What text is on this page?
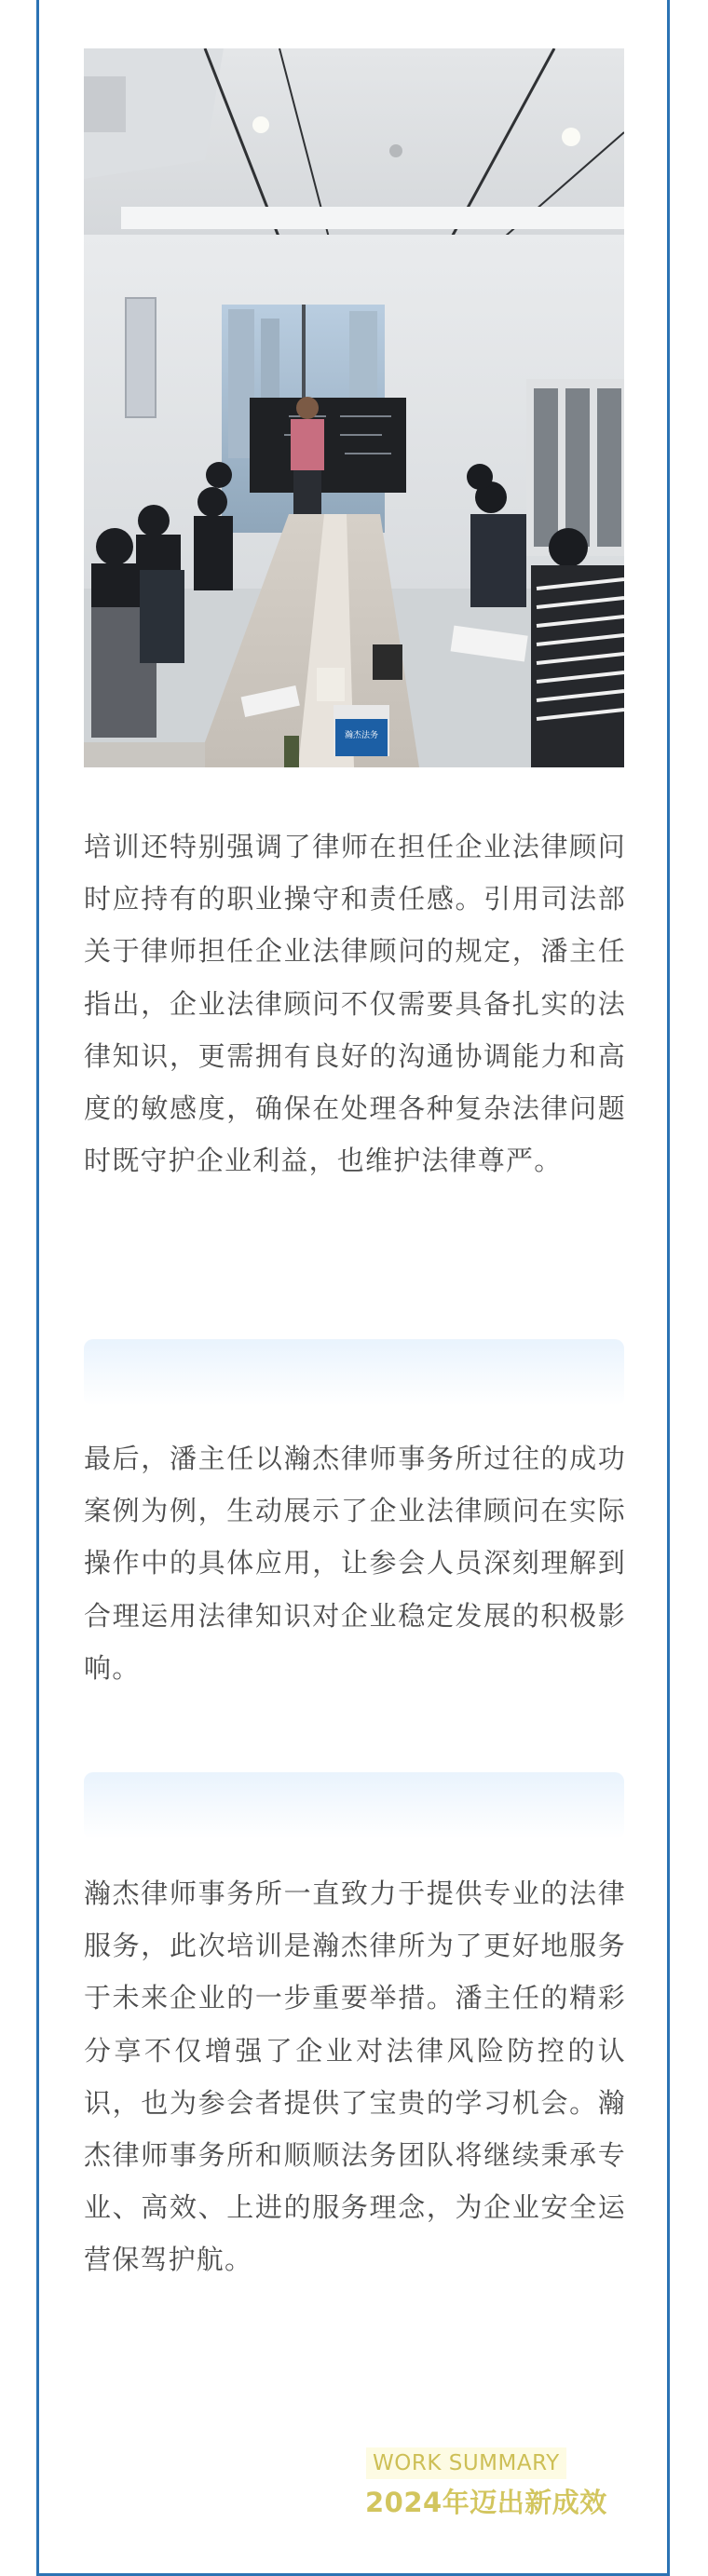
瀚杰法务

培训还特别强调了律师在担任企业法律顾问时应持有的职业操守和责任感。引用司法部关于律师担任企业法律顾问的规定，潘主任指出，企业法律顾问不仅需要具备扎实的法律知识，更需拥有良好的沟通协调能力和高度的敏感度，确保在处理各种复杂法律问题时既守护企业利益，也维护法律尊严。

最后，潘主任以瀚杰律师事务所过往的成功案例为例，生动展示了企业法律顾问在实际操作中的具体应用，让参会人员深刻理解到合理运用法律知识对企业稳定发展的积极影响。

瀚杰律师事务所一直致力于提供专业的法律服务，此次培训是瀚杰律所为了更好地服务于未来企业的一步重要举措。潘主任的精彩分享不仅增强了企业对法律风险防控的认识，也为参会者提供了宝贵的学习机会。瀚杰律师事务所和顺顺法务团队将继续秉承专业、高效、上进的服务理念，为企业安全运营保驾护航。

WORK SUMMARY
2024年迈出新成效
